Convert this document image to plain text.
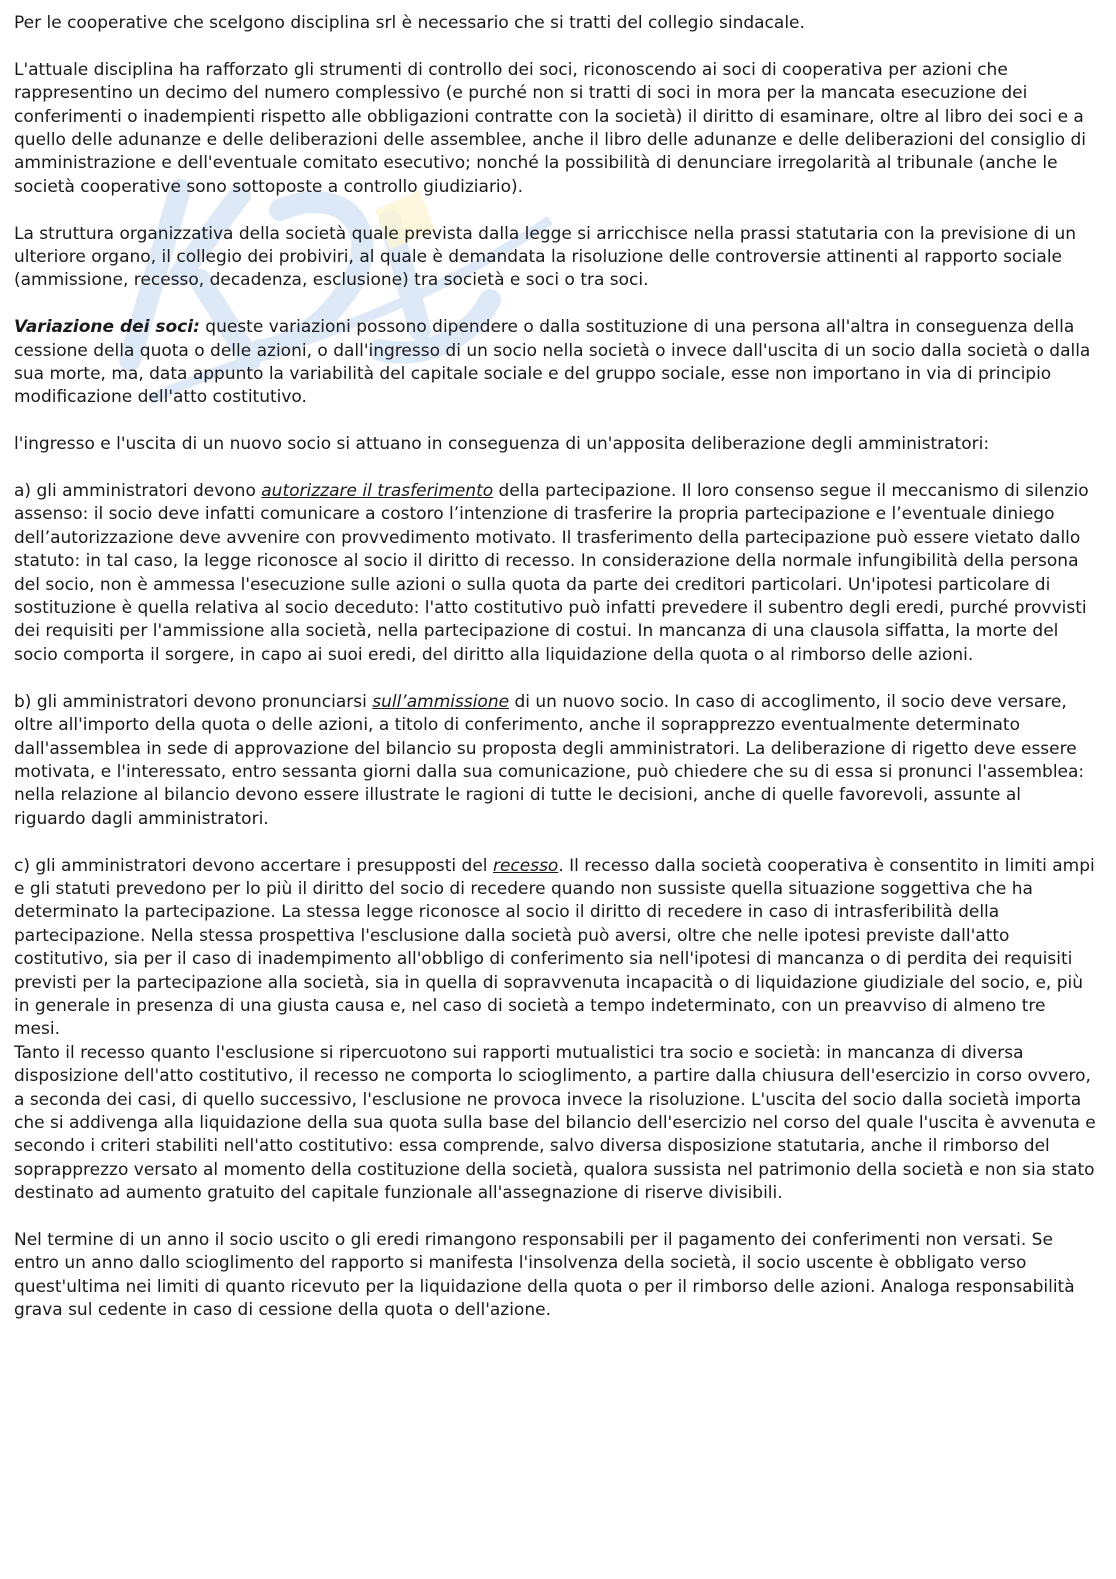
Per le cooperative che scelgono disciplina srl è necessario che si tratti del collegio sindacale.

L'attuale disciplina ha rafforzato gli strumenti di controllo dei soci, riconoscendo ai soci di cooperativa per azioni che rappresentino un decimo del numero complessivo (e purché non si tratti di soci in mora per la mancata esecuzione dei conferimenti o inadempienti rispetto alle obbligazioni contratte con la società) il diritto di esaminare, oltre al libro dei soci e a quello delle adunanze e delle deliberazioni delle assemblee, anche il libro delle adunanze e delle deliberazioni del consiglio di amministrazione e dell'eventuale comitato esecutivo; nonché la possibilità di denunciare irregolarità al tribunale (anche le società cooperative sono sottoposte a controllo giudiziario).

La struttura organizzativa della società quale prevista dalla legge si arricchisce nella prassi statutaria con la previsione di un ulteriore organo, il collegio dei probiviri, al quale è demandata la risoluzione delle controversie attinenti al rapporto sociale (ammissione, recesso, decadenza, esclusione) tra società e soci o tra soci.

Variazione dei soci: queste variazioni possono dipendere o dalla sostituzione di una persona all'altra in conseguenza della cessione della quota o delle azioni, o dall'ingresso di un socio nella società o invece dall'uscita di un socio dalla società o dalla sua morte, ma, data appunto la variabilità del capitale sociale e del gruppo sociale, esse non importano in via di principio modificazione dell'atto costitutivo.

l'ingresso e l'uscita di un nuovo socio si attuano in conseguenza di un'apposita deliberazione degli amministratori:

a) gli amministratori devono autorizzare il trasferimento della partecipazione. Il loro consenso segue il meccanismo di silenzio assenso: il socio deve infatti comunicare a costoro l’intenzione di trasferire la propria partecipazione e l’eventuale diniego dell’autorizzazione deve avvenire con provvedimento motivato. Il trasferimento della partecipazione può essere vietato dallo statuto: in tal caso, la legge riconosce al socio il diritto di recesso. In considerazione della normale infungibilità della persona del socio, non è ammessa l'esecuzione sulle azioni o sulla quota da parte dei creditori particolari. Un'ipotesi particolare di sostituzione è quella relativa al socio deceduto: l'atto costitutivo può infatti prevedere il subentro degli eredi, purché provvisti dei requisiti per l'ammissione alla società, nella partecipazione di costui. In mancanza di una clausola siffatta, la morte del socio comporta il sorgere, in capo ai suoi eredi, del diritto alla liquidazione della quota o al rimborso delle azioni.

b) gli amministratori devono pronunciarsi sull’ammissione di un nuovo socio. In caso di accoglimento, il socio deve versare, oltre all'importo della quota o delle azioni, a titolo di conferimento, anche il soprapprezzo eventualmente determinato dall'assemblea in sede di approvazione del bilancio su proposta degli amministratori. La deliberazione di rigetto deve essere motivata, e l'interessato, entro sessanta giorni dalla sua comunicazione, può chiedere che su di essa si pronunci l'assemblea: nella relazione al bilancio devono essere illustrate le ragioni di tutte le decisioni, anche di quelle favorevoli, assunte al riguardo dagli amministratori.

c) gli amministratori devono accertare i presupposti del recesso. Il recesso dalla società cooperativa è consentito in limiti ampi e gli statuti prevedono per lo più il diritto del socio di recedere quando non sussiste quella situazione soggettiva che ha determinato la partecipazione. La stessa legge riconosce al socio il diritto di recedere in caso di intrasferibilità della partecipazione. Nella stessa prospettiva l'esclusione dalla società può aversi, oltre che nelle ipotesi previste dall'atto costitutivo, sia per il caso di inadempimento all'obbligo di conferimento sia nell'ipotesi di mancanza o di perdita dei requisiti previsti per la partecipazione alla società, sia in quella di sopravvenuta incapacità o di liquidazione giudiziale del socio, e, più in generale in presenza di una giusta causa e, nel caso di società a tempo indeterminato, con un preavviso di almeno tre mesi.

Tanto il recesso quanto l'esclusione si ripercuotono sui rapporti mutualistici tra socio e società: in mancanza di diversa disposizione dell'atto costitutivo, il recesso ne comporta lo scioglimento, a partire dalla chiusura dell'esercizio in corso ovvero, a seconda dei casi, di quello successivo, l'esclusione ne provoca invece la risoluzione. L'uscita del socio dalla società importa che si addivenga alla liquidazione della sua quota sulla base del bilancio dell'esercizio nel corso del quale l'uscita è avvenuta e secondo i criteri stabiliti nell'atto costitutivo: essa comprende, salvo diversa disposizione statutaria, anche il rimborso del soprapprezzo versato al momento della costituzione della società, qualora sussista nel patrimonio della società e non sia stato destinato ad aumento gratuito del capitale funzionale all'assegnazione di riserve divisibili.

Nel termine di un anno il socio uscito o gli eredi rimangono responsabili per il pagamento dei conferimenti non versati. Se entro un anno dallo scioglimento del rapporto si manifesta l'insolvenza della società, il socio uscente è obbligato verso quest'ultima nei limiti di quanto ricevuto per la liquidazione della quota o per il rimborso delle azioni. Analoga responsabilità grava sul cedente in caso di cessione della quota o dell'azione.
